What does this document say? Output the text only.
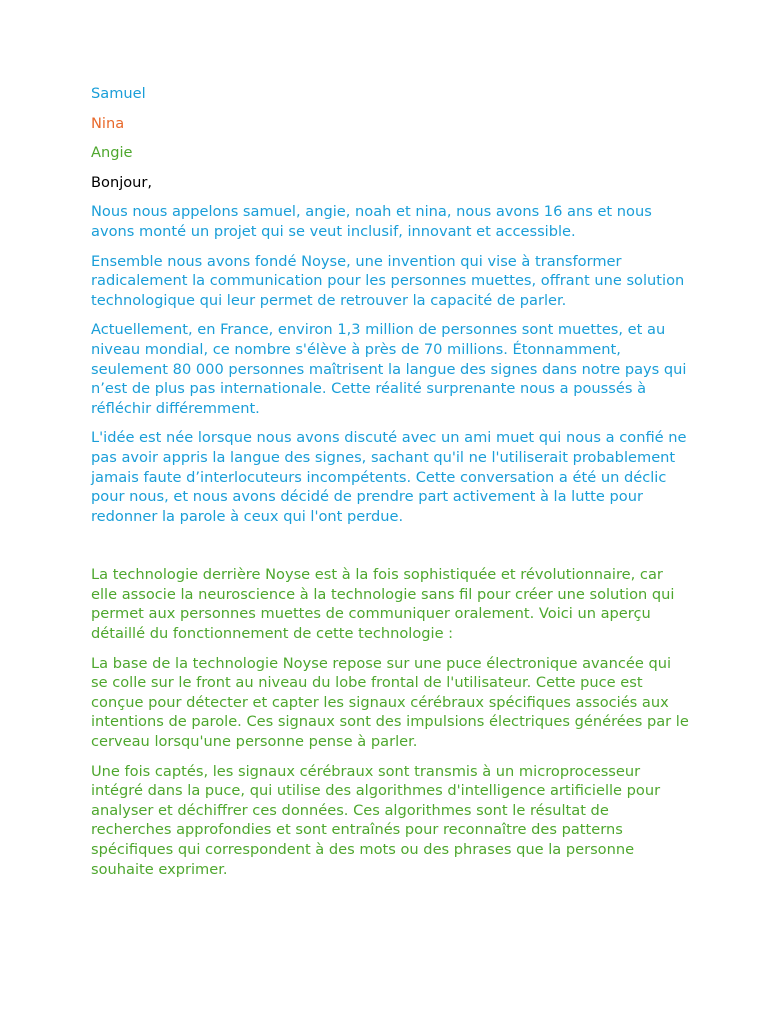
Samuel

Nina

Angie

Bonjour,

Nous nous appelons samuel, angie, noah et nina, nous avons 16 ans et nous avons monté un projet qui se veut inclusif, innovant et accessible.

Ensemble nous avons fondé Noyse, une invention qui vise à transformer radicalement la communication pour les personnes muettes, offrant une solution technologique qui leur permet de retrouver la capacité de parler.

Actuellement, en France, environ 1,3 million de personnes sont muettes, et au niveau mondial, ce nombre s'élève à près de 70 millions. Étonnamment, seulement 80 000 personnes maîtrisent la langue des signes dans notre pays qui n’est de plus pas internationale. Cette réalité surprenante nous a poussés à réfléchir différemment.

L'idée est née lorsque nous avons discuté avec un ami muet qui nous a confié ne pas avoir appris la langue des signes, sachant qu'il ne l'utiliserait probablement jamais faute d’interlocuteurs incompétents. Cette conversation a été un déclic pour nous, et nous avons décidé de prendre part activement à la lutte pour redonner la parole à ceux qui l'ont perdue.

La technologie derrière Noyse est à la fois sophistiquée et révolutionnaire, car elle associe la neuroscience à la technologie sans fil pour créer une solution qui permet aux personnes muettes de communiquer oralement. Voici un aperçu détaillé du fonctionnement de cette technologie :

La base de la technologie Noyse repose sur une puce électronique avancée qui se colle sur le front au niveau du lobe frontal de l'utilisateur. Cette puce est conçue pour détecter et capter les signaux cérébraux spécifiques associés aux intentions de parole. Ces signaux sont des impulsions électriques générées par le cerveau lorsqu'une personne pense à parler.

Une fois captés, les signaux cérébraux sont transmis à un microprocesseur intégré dans la puce, qui utilise des algorithmes d'intelligence artificielle pour analyser et déchiffrer ces données. Ces algorithmes sont le résultat de recherches approfondies et sont entraînés pour reconnaître des patterns spécifiques qui correspondent à des mots ou des phrases que la personne souhaite exprimer.
